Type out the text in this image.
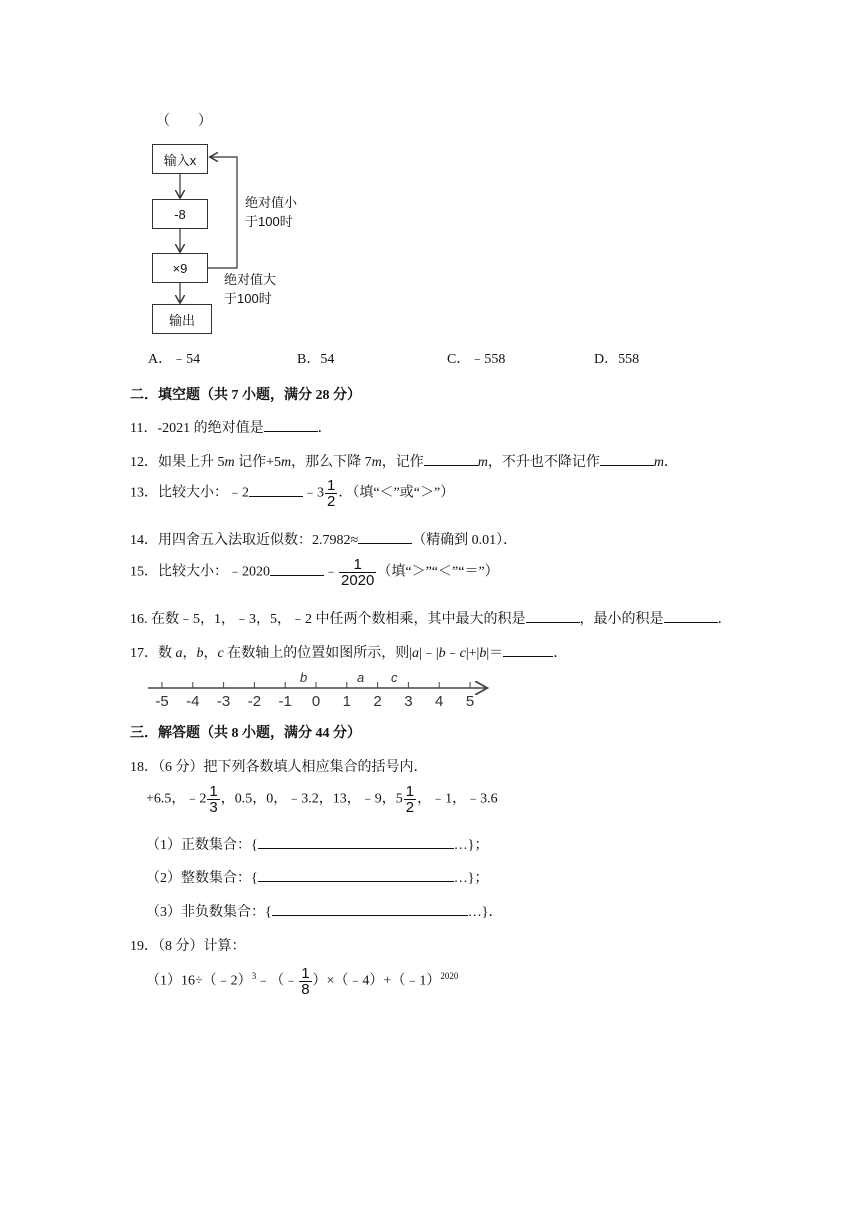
（　　）
输入x
-8
×9
输出
绝对值小
于100时
绝对值大
于100时
A．﹣54	B．54	C．﹣558	D．558
二．填空题（共 7 小题，满分 28 分）
11．-2021 的绝对值是	．
12．如果上升 5m 记作+5m，那么下降 7m，记作	m，不升也不降记作	m．
13．比较大小：﹣2	﹣3 $\frac{1}{2}$ ．（填“＜”或“＞”）
14．用四舍五入法取近似数：2.7982≈	（精确到 0.01）．
15．比较大小：﹣2020	﹣ $\frac{1}{2020}$ （填“＞”“＜”“＝”）
16. 在数﹣5，1，﹣3，5，﹣2 中任两个数相乘，其中最大的积是	，最小的积是	．
17．数 a，b，c 在数轴上的位置如图所示，则|a|﹣|b﹣c|+|b|＝	．
-5 -4 -3 -2 -1 0 1 2 3 4 5
b	a c
三．解答题（共 8 小题，满分 44 分）
18．（6 分）把下列各数填人相应集合的括号内．
+6.5，﹣2 $\frac{1}{3}$ ，0.5，0，﹣3.2，13，﹣9，$5 \frac{1}{2}$ ，﹣1，﹣3.6
（1）正数集合：{	…}；
（2）整数集合：{	…}；
（3）非负数集合：{	…}．
19．（8 分）计算：
（1）16÷（﹣2）$^3$﹣（﹣ $\frac{1}{8}$ ）×（﹣4）+（﹣1）$^{2020}$
